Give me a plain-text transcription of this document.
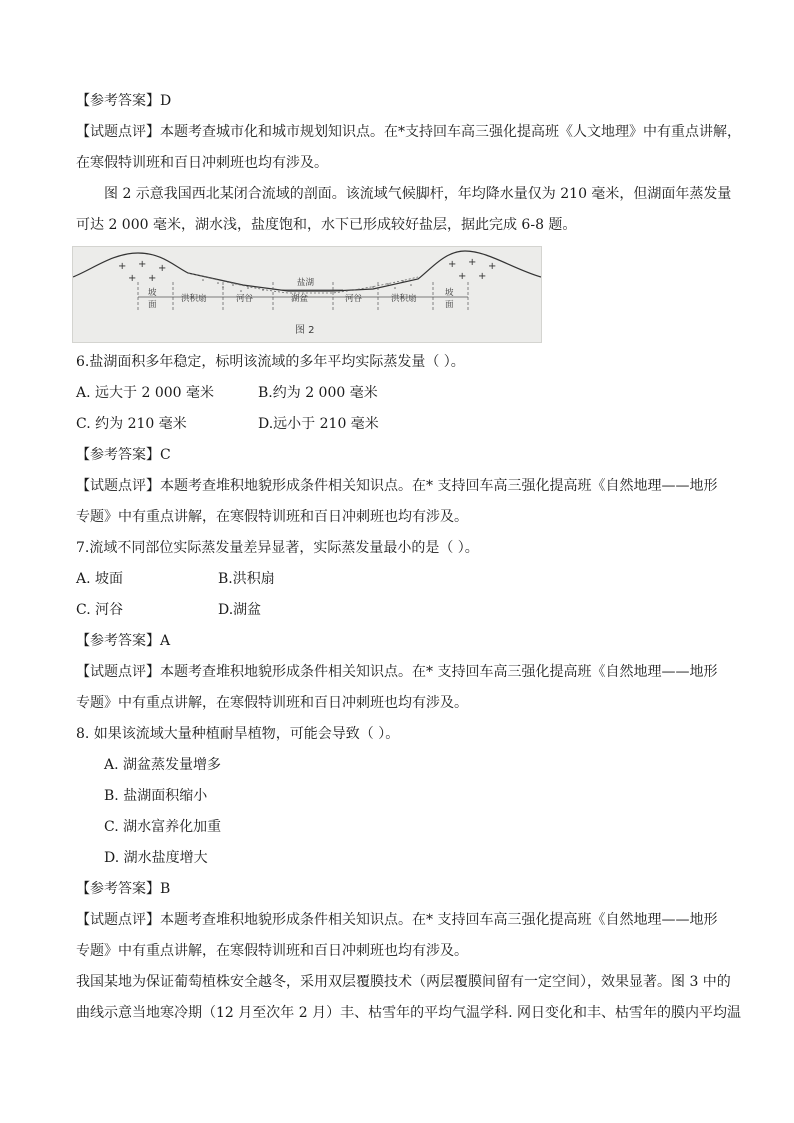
【参考答案】D
【试题点评】本题考查城市化和城市规划知识点。在*支持回车高三强化提高班《人文地理》中有重点讲解，
在寒假特训班和百日冲刺班也均有涉及。
图 2 示意我国西北某闭合流域的剖面。该流域气候脚杆，年均降水量仅为 210 毫米，但湖面年蒸发量
可达 2 000 毫米，湖水浅，盐度饱和，水下已形成较好盐层，据此完成 6-8 题。
盐湖
+ + +
+ +
+ + +
+ +
坡
面
洪积扇	河谷	湖盆	河谷	洪积扇
坡
面
图 2
6.盐湖面积多年稳定，标明该流域的多年平均实际蒸发量（ ）。
A. 远大于 2 000 毫米	B.约为 2 000 毫米
C. 约为 210 毫米	D.远小于 210 毫米
【参考答案】C
【试题点评】本题考查堆积地貌形成条件相关知识点。在* 支持回车高三强化提高班《自然地理——地形
专题》中有重点讲解，在寒假特训班和百日冲刺班也均有涉及。
7.流域不同部位实际蒸发量差异显著，实际蒸发量最小的是（ ）。
A. 坡面	B.洪积扇
C. 河谷	D.湖盆
【参考答案】A
【试题点评】本题考查堆积地貌形成条件相关知识点。在* 支持回车高三强化提高班《自然地理——地形
专题》中有重点讲解，在寒假特训班和百日冲刺班也均有涉及。
8. 如果该流域大量种植耐旱植物，可能会导致（ ）。
A. 湖盆蒸发量增多
B. 盐湖面积缩小
C. 湖水富养化加重
D. 湖水盐度增大
【参考答案】B
【试题点评】本题考查堆积地貌形成条件相关知识点。在* 支持回车高三强化提高班《自然地理——地形
专题》中有重点讲解，在寒假特训班和百日冲刺班也均有涉及。
我国某地为保证葡萄植株安全越冬，采用双层覆膜技术（两层覆膜间留有一定空间），效果显著。图 3 中的
曲线示意当地寒冷期（12 月至次年 2 月）丰、枯雪年的平均气温学科. 网日变化和丰、枯雪年的膜内平均温
